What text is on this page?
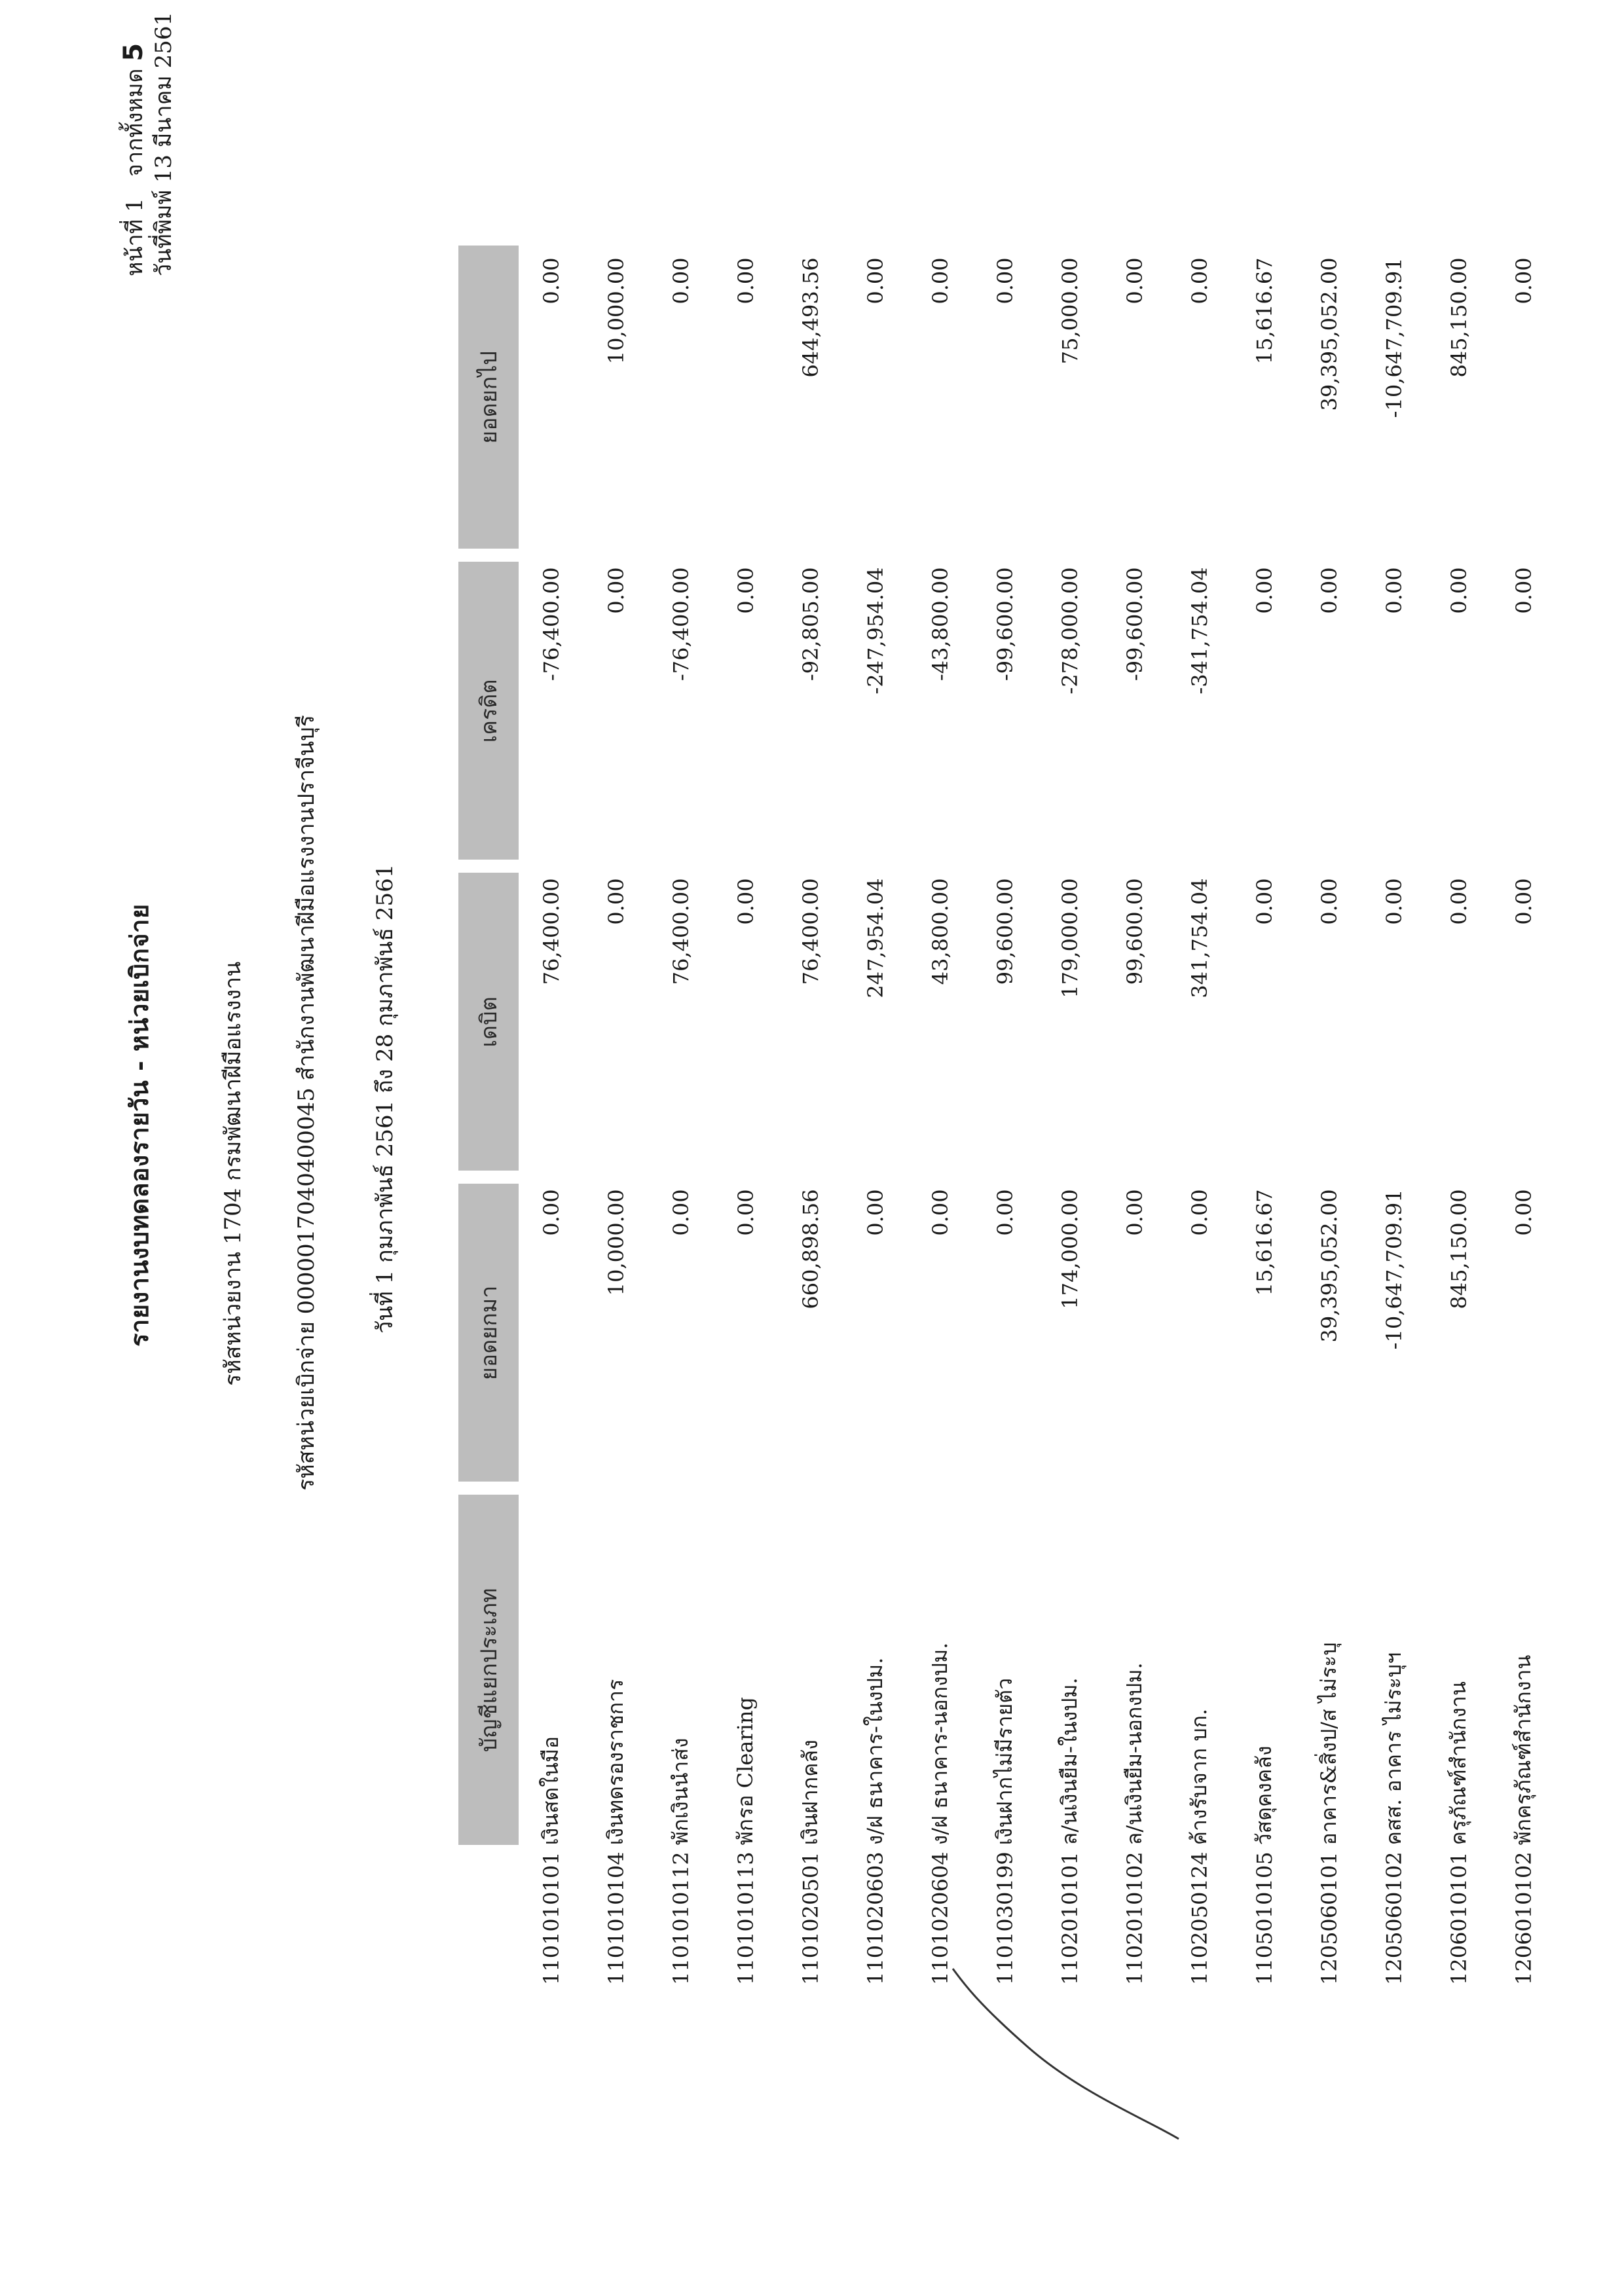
รายงานงบทดลองรายวัน - หน่วยเบิกจ่าย	รหัสหน่วยงาน 1704 กรมพัฒนาฝีมือแรงงาน รหัสหน่วยเบิกจ่าย 0000017040400045 สำนักงานพัฒนาฝีมือแรงงานปราจีนบุรี วันที่ 1 กุมภาพันธ์ 2561 ถึง 28 กุมภาพันธ์ 2561
หน้าที่ 1   จากทั้งหมด 5 วันที่พิมพ์ 13 มีนาคม 2561
	บัญชีแยกประเภท	ยอดยกมา	เดบิต	เครดิต	ยอดยกไป
1101010101	เงินสดในมือ	0.00	76,400.00	-76,400.00	0.00
1101010104	เงินทดรองราชการ	10,000.00	0.00	0.00	10,000.00
1101010112	พักเงินนำส่ง	0.00	76,400.00	-76,400.00	0.00
1101010113	พักรอ Clearing	0.00	0.00	0.00	0.00
1101020501	เงินฝากคลัง	660,898.56	76,400.00	-92,805.00	644,493.56
1101020603	ง/ฝ ธนาคาร-ในงปม.	0.00	247,954.04	-247,954.04	0.00
1101020604	ง/ฝ ธนาคาร-นอกงปม.	0.00	43,800.00	-43,800.00	0.00
1101030199	เงินฝากไม่มีรายตัว	0.00	99,600.00	-99,600.00	0.00
1102010101	ล/นเงินยืม-ในงปม.	174,000.00	179,000.00	-278,000.00	75,000.00
1102010102	ล/นเงินยืม-นอกงปม.	0.00	99,600.00	-99,600.00	0.00
1102050124	ค้างรับจาก บก.	0.00	341,754.04	-341,754.04	0.00
1105010105	วัสดุคงคลัง	15,616.67	0.00	0.00	15,616.67
1205060101	อาคาร&สิ่งป/ส ไม่ระบุ	39,395,052.00	0.00	0.00	39,395,052.00
1205060102	คสส. อาคาร ไม่ระบุฯ	-10,647,709.91	0.00	0.00	-10,647,709.91
1206010101	ครุภัณฑ์สำนักงาน	845,150.00	0.00	0.00	845,150.00
1206010102	พักครุภัณฑ์สำนักงาน	0.00	0.00	0.00	0.00
